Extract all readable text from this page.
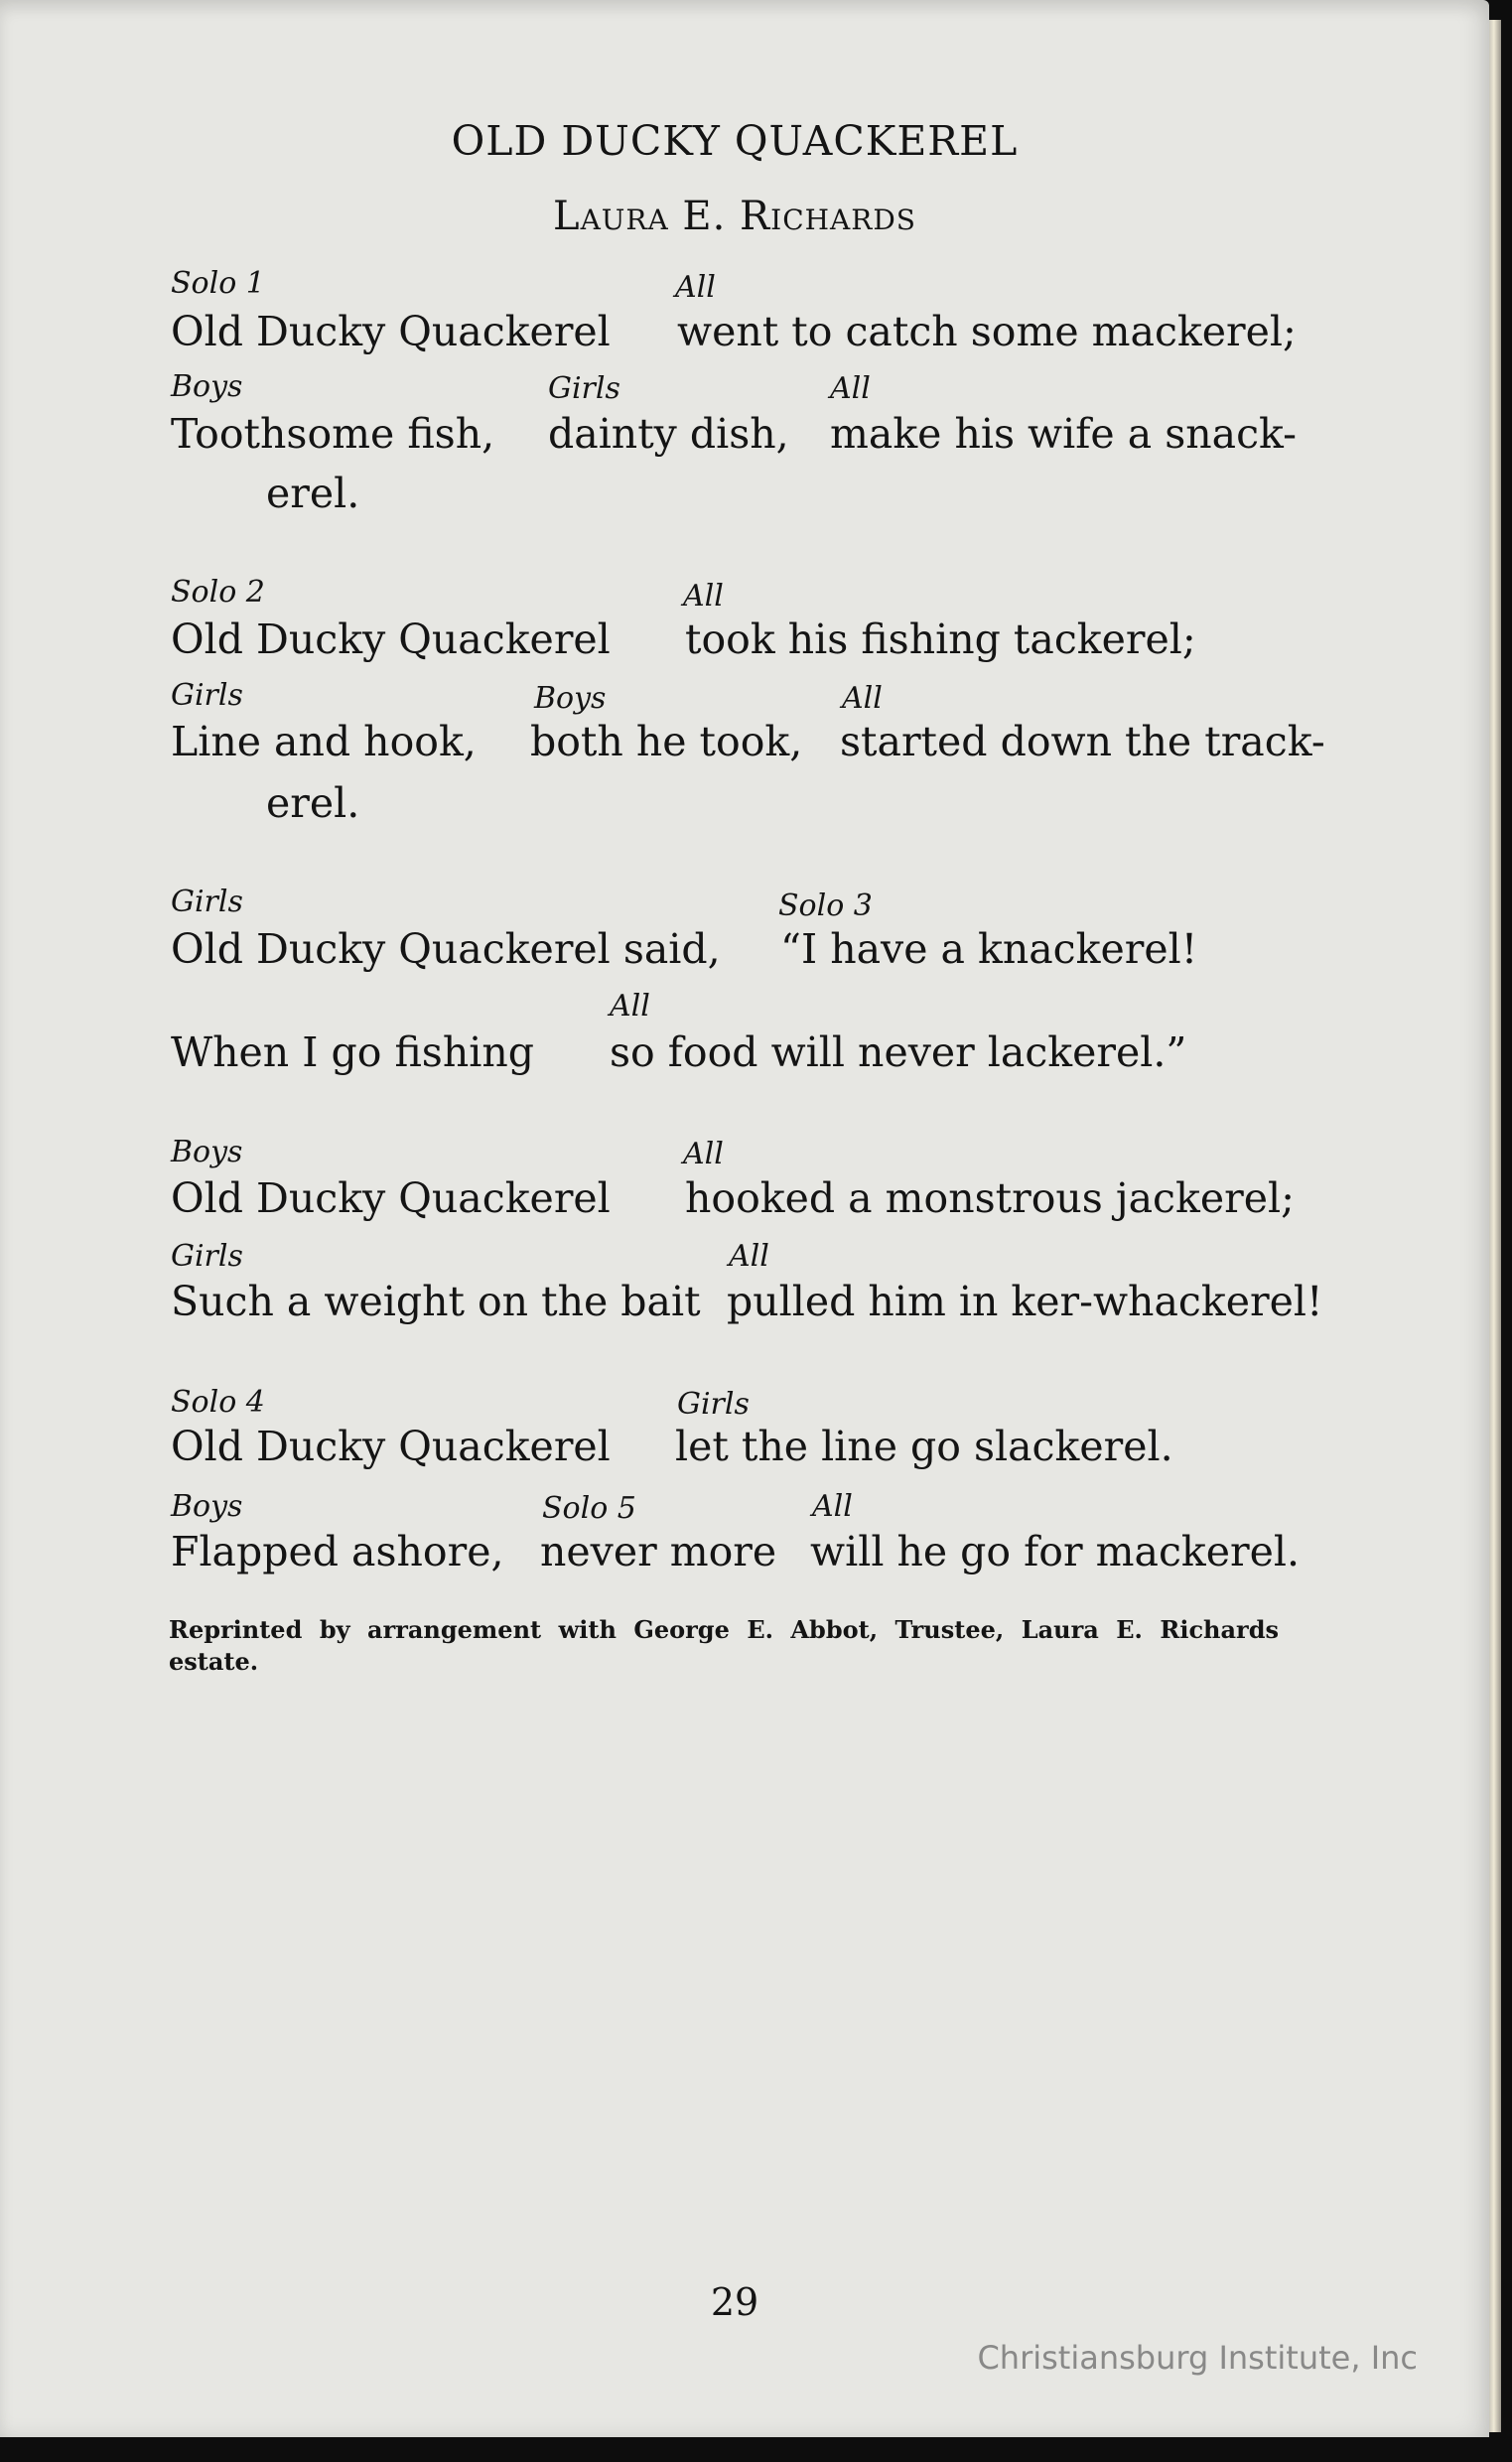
OLD DUCKY QUACKEREL
Laura E. Richards
Solo 1	All
Old Ducky Quackerel went to catch some mackerel;
Boys	Girls	All
Toothsome fish, dainty dish, make his wife a snack-
erel.
Solo 2	All
Old Ducky Quackerel took his fishing tackerel;
Girls	Boys	All
Line and hook, both he took, started down the track-
erel.
Girls	Solo 3
Old Ducky Quackerel said, “I have a knackerel!
All
When I go fishing so food will never lackerel.”
Boys	All
Old Ducky Quackerel hooked a monstrous jackerel;
Girls	All
Such a weight on the bait pulled him in ker-whackerel!
Solo 4	Girls
Old Ducky Quackerel let the line go slackerel.
Boys	Solo 5	All
Flapped ashore, never more will he go for mackerel.
Reprinted by arrangement with George E. Abbot, Trustee, Laura E. Richards estate.
29
Christiansburg Institute, Inc
